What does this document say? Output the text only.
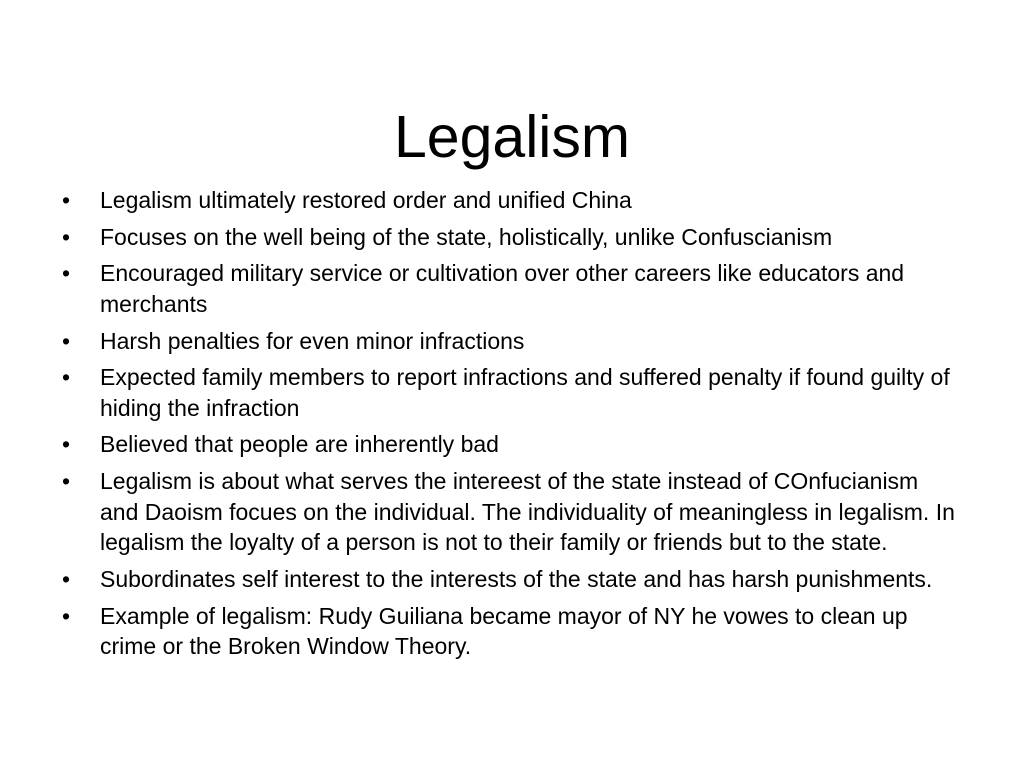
Legalism
•	Legalism ultimately restored order and unified China
•	Focuses on the well being of the state, holistically, unlike Confuscianism
•	Encouraged military service or cultivation over other careers like educators and merchants
•	Harsh penalties for even minor infractions
•	Expected family members to report infractions and suffered penalty if found guilty of hiding the infraction
•	Believed that people are inherently bad
•	Legalism is about what serves the intereest of the state instead of COnfucianism and Daoism focues on the individual. The individuality of meaningless in legalism. In legalism the loyalty of a person is not to their family or friends but to the state.
•	Subordinates self interest to the interests of the state and has harsh punishments.
•	Example of legalism: Rudy Guiliana became mayor of NY he vowes to clean up crime or the Broken Window Theory.
